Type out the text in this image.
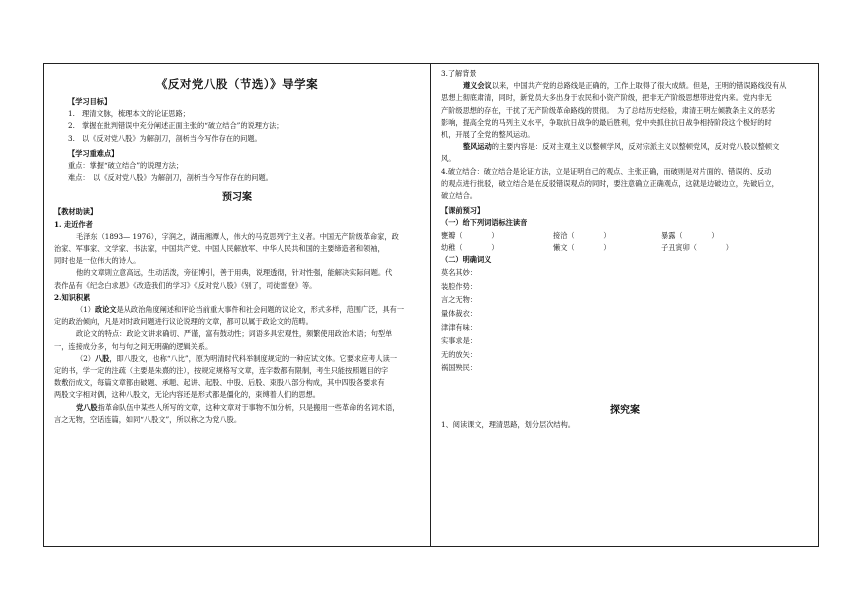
《反对党八股（节选）》导学案
【学习目标】
1.　理清文脉，梳理本文的论证思路；
2.　掌握在批判错误中充分阐述正面主张的“破立结合”的说理方法；
3.　以《反对党八股》为解剖刀，剖析当今写作存在的问题。
【学习重难点】
重点：掌握“破立结合”的说理方法；
难点：　以《反对党八股》为解剖刀，剖析当今写作存在的问题。
预习案
【教材助读】
1. 走近作者
毛泽东（1893— 1976），字润之，湖南湘潭人，伟大的马克思列宁主义者。中国无产阶级革命家，政
治家、军事家、文学家、书法家，中国共产党、中国人民解放军、中华人民共和国的主要缔造者和领袖，
同时也是一位伟大的诗人。
他的文章則立意高远，生动活泼，旁征博引，善于用典，说理透彻，针对性强，能解决实际问题。代
表作品有《纪念白求恩》《改造我们的学习》《反对党八股》《别了，司徒雷登》等。
2.知识积累
（1）政论文是从政治角度阐述和评论当前重大事件和社会问题的议论文，形式多样，范围广泛，具有一
定的政治倾向，凡是对时政问题进行议论说理的文章，都可以属于政论文的范畴。
政论文的特点：政论文讲求确切、严谨，富有鼓动性；词语多具宏观性，频繁使用政治术语；句型单
一，连接成分多，句与句之间无明确的逻辑关系。
（2）八股，即八股文，也称“八比”，原为明清时代科举制度规定的一种应试文体。它要求应考人读一
定的书，学一定的注疏（主要是朱熹的注），按规定规格写文章，连字数都有限制，考生只能按照题目的字
数敷衍成文，每篇文章都由破题、承题、起讲、起股、中股、后股、束股八部分构成，其中四股各要求有
两股文字相对偶，这种八股文，无论内容还是形式都是僵化的，束缚着人们的思想。
党八股指革命队伍中某些人所写的文章，这种文章对于事物不加分析，只是搬用一些革命的名词术语，
言之无物，空话连篇，如同“八股文”，所以称之为党八股。
3.了解背景
遵义会议以来，中国共产党的总路线是正确的，工作上取得了很大成绩。但是，王明的错误路线没有从
思想上彻底肃清，同时，新党员大多出身于农民和小资产阶级，把非无产阶级思想带进党内来。党内非无
产阶级思想的存在，干扰了无产阶级革命路线的贯彻。　为了总结历史经验，肃清王明左倾教条主义的恶劣
影响，提高全党的马列主义水平，争取抗日战争的最后胜利，党中央抓住抗日战争相持阶段这个极好的时
机，开展了全党的整风运动。
整风运动的主要内容是：反对主观主义以整顿学风，反对宗派主义以整顿党风，反对党八股以整顿文
风。
4.破立结合：破立结合是论证方法，立是证明自己的观点、主张正确，而破则是对片面的、错误的、反动
的观点进行批驳，破立结合是在反驳错误观点的同时，要注意确立正确观点，这就是边破边立，先破后立，
破立结合。
【课前预习】
（一）给下列词语标注读音
甕瓣（　　　　）	接洽（　　　　）	暴露（　　　　）
幼稚（　　　　）	懒文（　　　　）	子丑寅卯（　　　　）
（二）明确词义
莫名其妙：
装腔作势：
言之无物：
量体裁衣：
津津有味：
实事求是：
无的放矢：
祸国殃民：
探究案
1、阅读课文，理清思路，划分层次结构。
